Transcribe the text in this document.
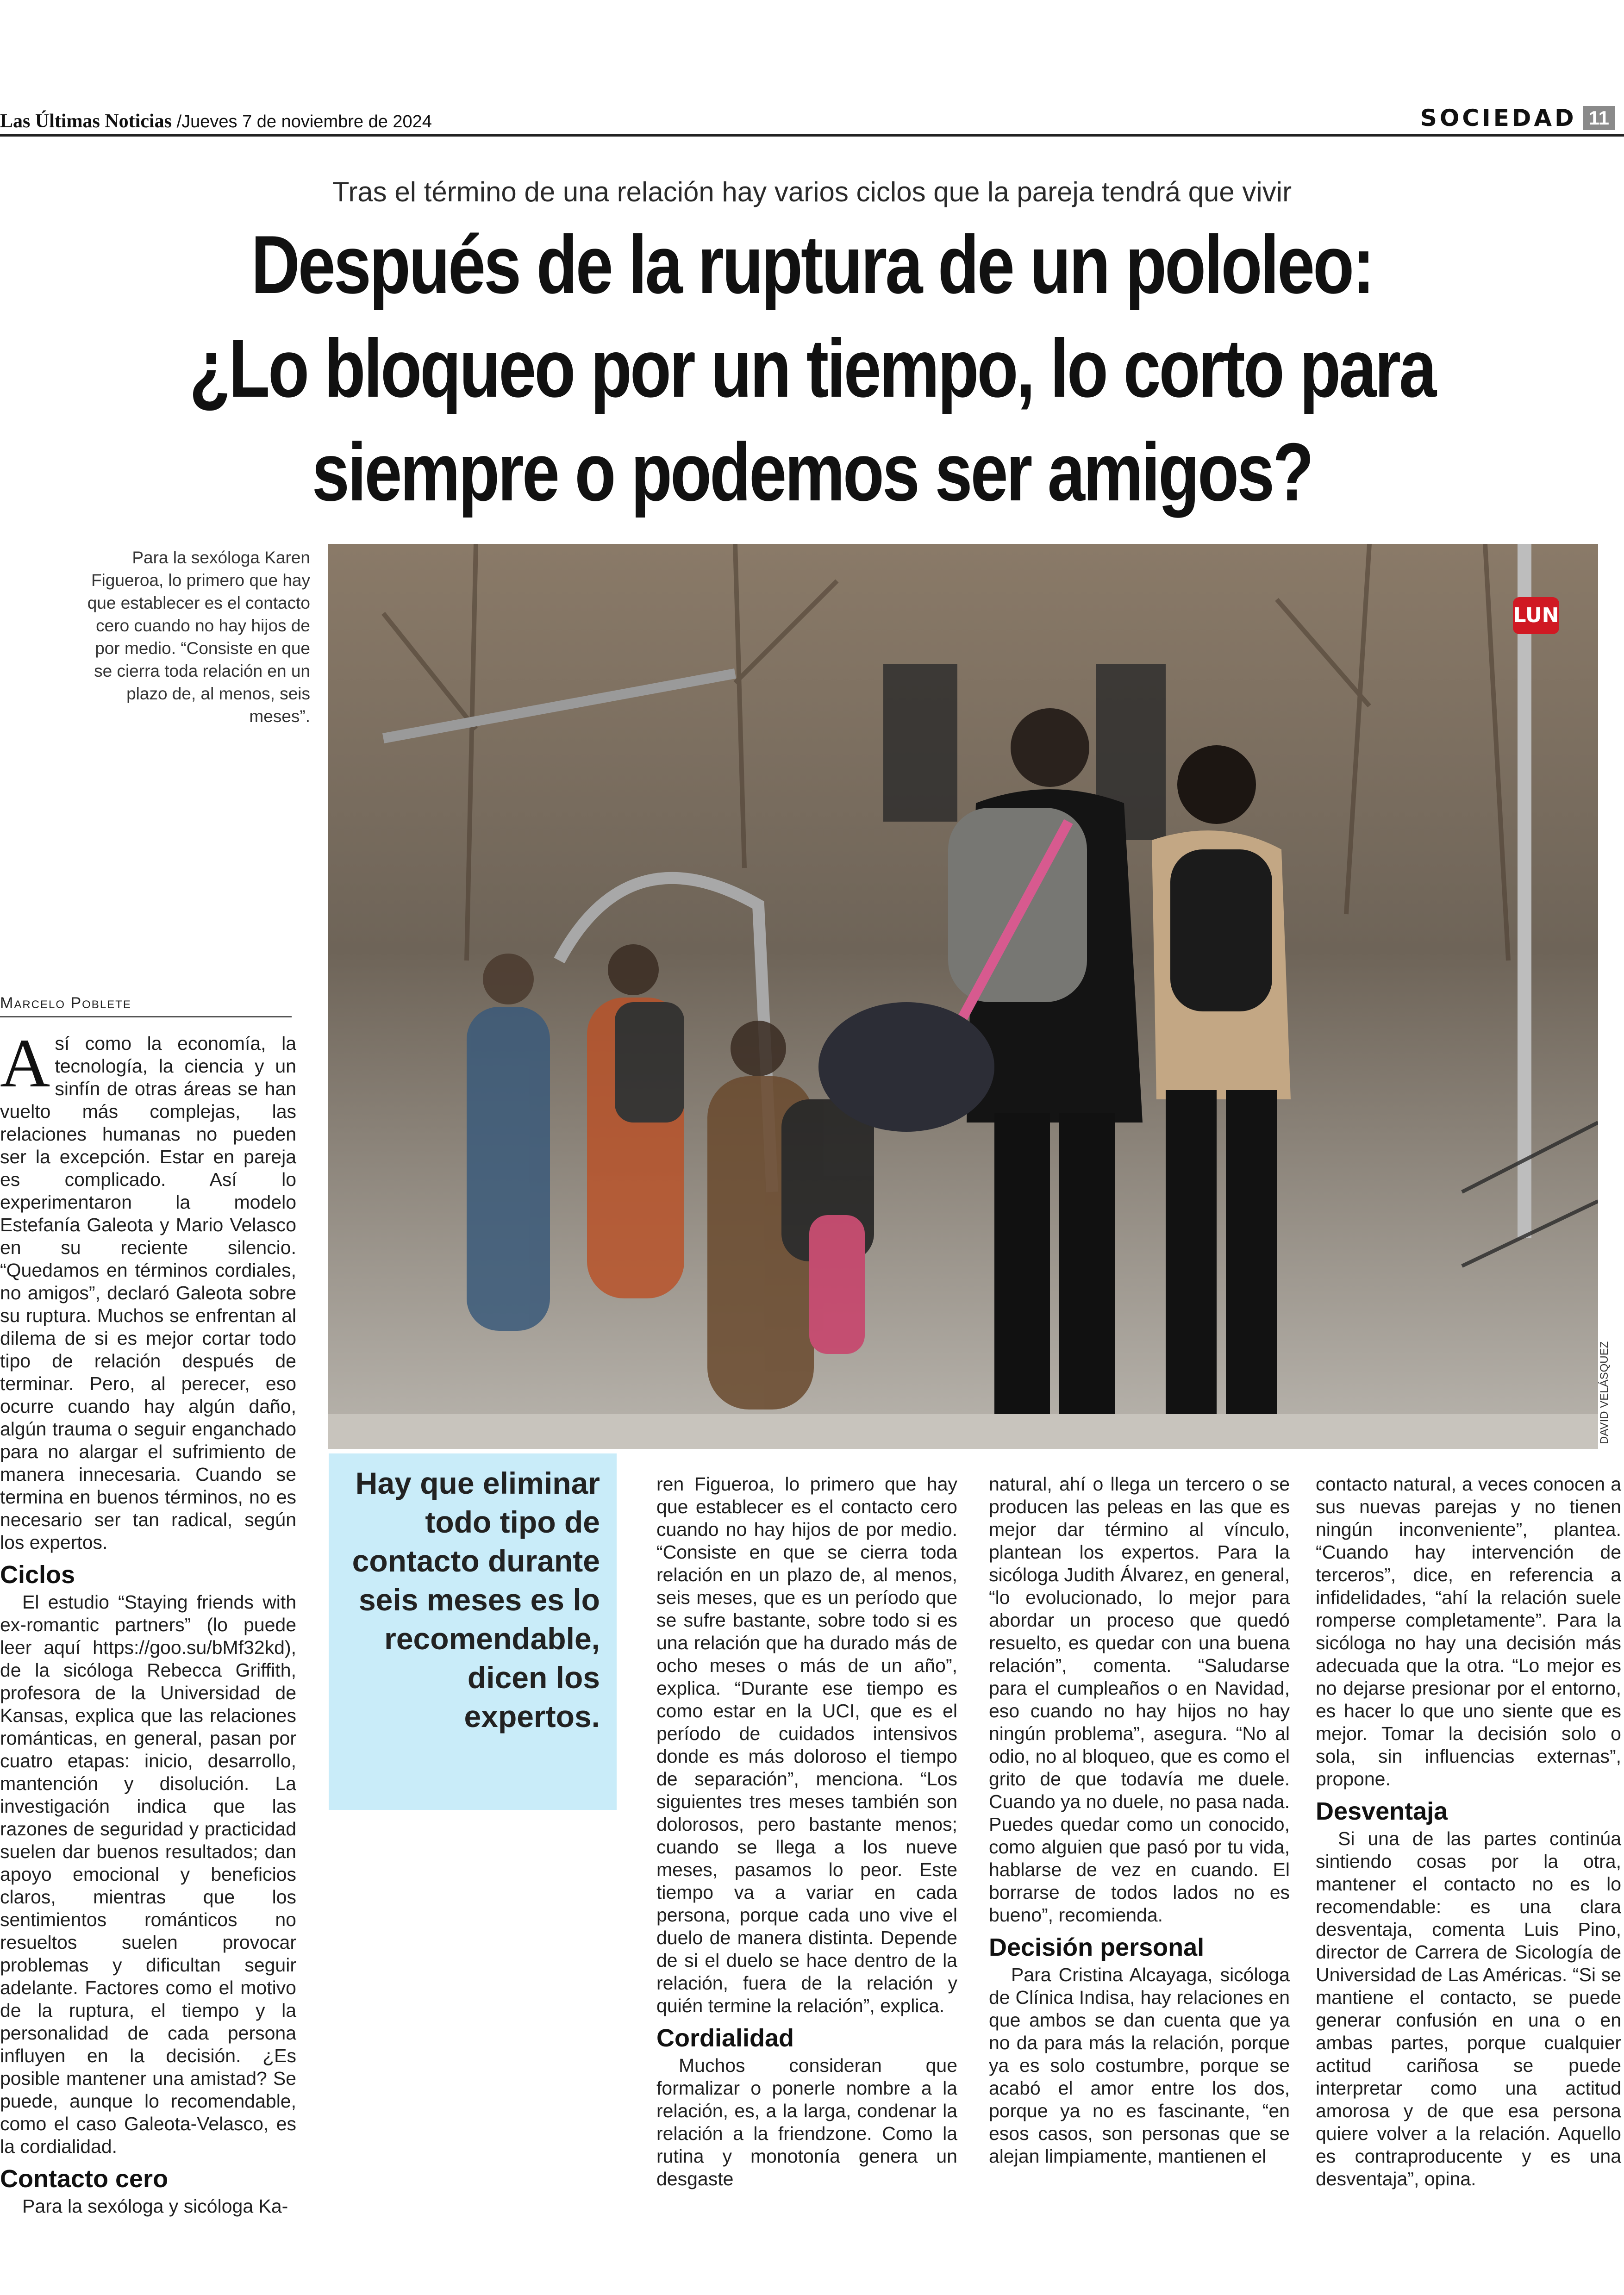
Las Últimas Noticias /Jueves 7 de noviembre de 2024	SOCIEDAD 11
Tras el término de una relación hay varios ciclos que la pareja tendrá que vivir
Después de la ruptura de un pololeo:
¿Lo bloqueo por un tiempo, lo corto para
siempre o podemos ser amigos?
Para la sexóloga Karen Figueroa, lo primero que hay que establecer es el contacto cero cuando no hay hijos de por medio. “Consiste en que se cierra toda relación en un plazo de, al menos, seis meses”.
LUN
DAVID VELÁSQUEZ
Marcelo Poblete

Así como la economía, la tecnología, la ciencia y un sinfín de otras áreas se han vuelto más complejas, las relaciones humanas no pueden ser la excepción. Estar en pareja es complicado. Así lo experimentaron la modelo Estefanía Galeota y Mario Velasco en su reciente silencio. “Quedamos en términos cordiales, no amigos”, declaró Galeota sobre su ruptura. Muchos se enfrentan al dilema de si es mejor cortar todo tipo de relación después de terminar. Pero, al perecer, eso ocurre cuando hay algún daño, algún trauma o seguir enganchado para no alargar el sufrimiento de manera innecesaria. Cuando se termina en buenos términos, no es necesario ser tan radical, según los expertos.

Ciclos

El estudio “Staying friends with ex-romantic partners” (lo puede leer aquí https://goo.su/bMf32kd), de la sicóloga Rebecca Griffith, profesora de la Universidad de Kansas, explica que las relaciones románticas, en general, pasan por cuatro etapas: inicio, desarrollo, mantención y disolución. La investigación indica que las razones de seguridad y practicidad suelen dar buenos resultados; dan apoyo emocional y beneficios claros, mientras que los sentimientos románticos no resueltos suelen provocar problemas y dificultan seguir adelante. Factores como el motivo de la ruptura, el tiempo y la personalidad de cada persona influyen en la decisión. ¿Es posible mantener una amistad? Se puede, aunque lo recomendable, como el caso Galeota-Velasco, es la cordialidad.

Contacto cero

Para la sexóloga y sicóloga Ka-

Hay que eliminar todo tipo de contacto durante seis meses es lo recomendable, dicen los expertos.

ren Figueroa, lo primero que hay que establecer es el contacto cero cuando no hay hijos de por medio. “Consiste en que se cierra toda relación en un plazo de, al menos, seis meses, que es un período que se sufre bastante, sobre todo si es una relación que ha durado más de ocho meses o más de un año”, explica. “Durante ese tiempo es como estar en la UCI, que es el período de cuidados intensivos donde es más doloroso el tiempo de separación”, menciona. “Los siguientes tres meses también son dolorosos, pero bastante menos; cuando se llega a los nueve meses, pasamos lo peor. Este tiempo va a variar en cada persona, porque cada uno vive el duelo de manera distinta. Depende de si el duelo se hace dentro de la relación, fuera de la relación y quién termine la relación”, explica.

Cordialidad

Muchos consideran que formalizar o ponerle nombre a la relación, es, a la larga, condenar la relación a la friendzone. Como la rutina y monotonía genera un desgaste

natural, ahí o llega un tercero o se producen las peleas en las que es mejor dar término al vínculo, plantean los expertos. Para la sicóloga Judith Álvarez, en general, “lo evolucionado, lo mejor para abordar un proceso que quedó resuelto, es quedar con una buena relación”, comenta. “Saludarse para el cumpleaños o en Navidad, eso cuando no hay hijos no hay ningún problema”, asegura. “No al odio, no al bloqueo, que es como el grito de que todavía me duele. Cuando ya no duele, no pasa nada. Puedes quedar como un conocido, como alguien que pasó por tu vida, hablarse de vez en cuando. El borrarse de todos lados no es bueno”, recomienda.

Decisión personal

Para Cristina Alcayaga, sicóloga de Clínica Indisa, hay relaciones en que ambos se dan cuenta que ya no da para más la relación, porque ya es solo costumbre, porque se acabó el amor entre los dos, porque ya no es fascinante, “en esos casos, son personas que se alejan limpiamente, mantienen el

contacto natural, a veces conocen a sus nuevas parejas y no tienen ningún inconveniente”, plantea. “Cuando hay intervención de terceros”, dice, en referencia a infidelidades, “ahí la relación suele romperse completamente”. Para la sicóloga no hay una decisión más adecuada que la otra. “Lo mejor es no dejarse presionar por el entorno, es hacer lo que uno siente que es mejor. Tomar la decisión solo o sola, sin influencias externas”, propone.

Desventaja

Si una de las partes continúa sintiendo cosas por la otra, mantener el contacto no es lo recomendable: es una clara desventaja, comenta Luis Pino, director de Carrera de Sicología de Universidad de Las Américas. “Si se mantiene el contacto, se puede generar confusión en una o en ambas partes, porque cualquier actitud cariñosa se puede interpretar como una actitud amorosa y de que esa persona quiere volver a la relación. Aquello es contraproducente y es una desventaja”, opina.
